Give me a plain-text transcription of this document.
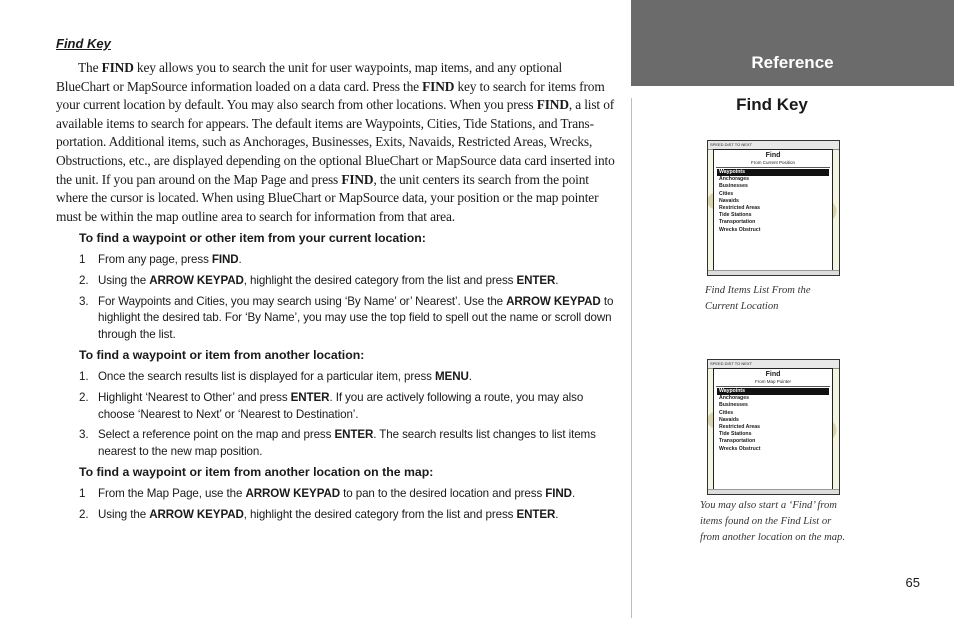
Find Key

The FIND key allows you to search the unit for user waypoints, map items, and any optional BlueChart or MapSource information loaded on a data card. Press the FIND key to search for items from your current location by default. You may also search from other locations. When you press FIND, a list of available items to search for appears. The default items are Waypoints, Cities, Tide Stations, and Trans-portation. Additional items, such as Anchorages, Businesses, Exits, Navaids, Restricted Areas, Wrecks, Obstructions, etc., are displayed depending on the optional BlueChart or MapSource data card inserted into the unit. If you pan around on the Map Page and press FIND, the unit centers its search from the point where the cursor is located. When using BlueChart or MapSource data, your position or the map pointer must be within the map outline area to search for information from that area.

To find a waypoint or other item from your current location:
1 From any page, press FIND.
2. Using the ARROW KEYPAD, highlight the desired category from the list and press ENTER.
3. For Waypoints and Cities, you may search using ‘By Name’ or’ Nearest’. Use the ARROW KEYPAD to highlight the desired tab. For ‘By Name’, you may use the top field to spell out the name or scroll down through the list.
To find a waypoint or item from another location:
1. Once the search results list is displayed for a particular item, press MENU.
2. Highlight ‘Nearest to Other’ and press ENTER. If you are actively following a route, you may also choose ‘Nearest to Next’ or ‘Nearest to Destination’.
3. Select a reference point on the map and press ENTER. The search results list changes to list items nearest to the new map position.
To find a waypoint or item from another location on the map:
1 From the Map Page, use the ARROW KEYPAD to pan to the desired location and press FIND.
2. Using the ARROW KEYPAD, highlight the desired category from the list and press ENTER.
Reference
Find Key
SPEED DIST TO NEXT
Find
From Current Position
Waypoints
Anchorages
Businesses
Cities
Navaids
Restricted Areas
Tide Stations
Transportation
Wrecks Obstruct
Find Items List From the Current Location
SPEED DIST TO NEXT
Find
From Map Pointer
Waypoints
Anchorages
Businesses
Cities
Navaids
Restricted Areas
Tide Stations
Transportation
Wrecks Obstruct
You may also start a ‘Find’ from items found on the Find List or from another location on the map.
65
